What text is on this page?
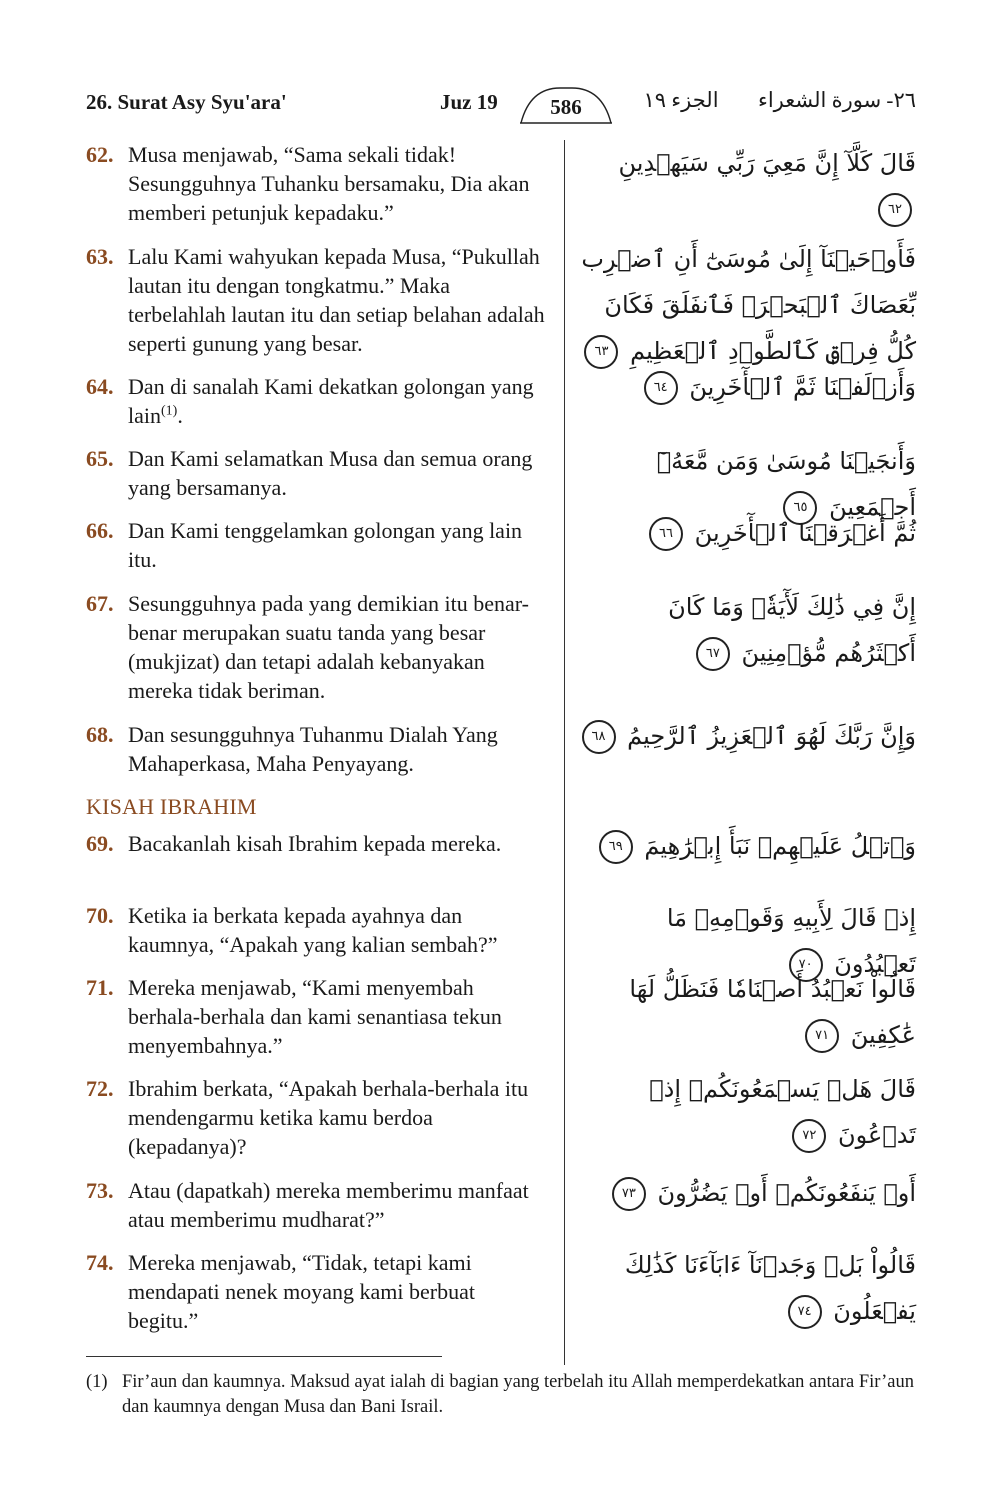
26. Surat Asy Syu'ara'	Juz 19	586	الجزء ١٩	٢٦- سورة الشعراء
62. Musa menjawab, “Sama sekali tidak! Sesungguhnya Tuhanku bersamaku, Dia akan memberi petunjuk kepadaku.”
63. Lalu Kami wahyukan kepada Musa, “Pukullah lautan itu dengan tongkatmu.” Maka terbelahlah lautan itu dan setiap belahan adalah seperti gunung yang besar.
64. Dan di sanalah Kami dekatkan golongan yang lain$^{(1)}$.
65. Dan Kami selamatkan Musa dan semua orang yang bersamanya.
66. Dan Kami tenggelamkan golongan yang lain itu.
67. Sesungguhnya pada yang demikian itu benar-benar merupakan suatu tanda yang besar (mukjizat) dan tetapi adalah kebanyakan mereka tidak beriman.
68. Dan sesungguhnya Tuhanmu Dialah Yang Mahaperkasa, Maha Penyayang.
KISAH IBRAHIM
69. Bacakanlah kisah Ibrahim kepada mereka.
70. Ketika ia berkata kepada ayahnya dan kaumnya, “Apakah yang kalian sembah?”
71. Mereka menjawab, “Kami menyembah berhala-berhala dan kami senantiasa tekun menyembahnya.”
72. Ibrahim berkata, “Apakah berhala-berhala itu mendengarmu ketika kamu berdoa (kepadanya)?
73. Atau (dapatkah) mereka memberimu manfaat atau memberimu mudharat?”
74. Mereka menjawab, “Tidak, tetapi kami mendapati nenek moyang kami berbuat begitu.”
قَالَ كَلَّآ إِنَّ مَعِيَ رَبِّي سَيَهۡدِينِ ٦٢
فَأَوۡحَيۡنَآ إِلَىٰ مُوسَىٰٓ أَنِ ٱضۡرِب بِّعَصَاكَ ٱلۡبَحۡرَۖ فَٱنفَلَقَ فَكَانَ كُلُّ فِرۡقٖ كَٱلطَّوۡدِ ٱلۡعَظِيمِ ٦٣
وَأَزۡلَفۡنَا ثَمَّ ٱلۡأٓخَرِينَ ٦٤
وَأَنجَيۡنَا مُوسَىٰ وَمَن مَّعَهُۥٓ أَجۡمَعِينَ ٦٥
ثُمَّ أَغۡرَقۡنَا ٱلۡأٓخَرِينَ ٦٦
إِنَّ فِي ذَٰلِكَ لَأٓيَةٗۖ وَمَا كَانَ أَكۡثَرُهُم مُّؤۡمِنِينَ ٦٧
وَإِنَّ رَبَّكَ لَهُوَ ٱلۡعَزِيزُ ٱلرَّحِيمُ ٦٨
وَٱتۡلُ عَلَيۡهِمۡ نَبَأَ إِبۡرَٰهِيمَ ٦٩
إِذۡ قَالَ لِأَبِيهِ وَقَوۡمِهِۦ مَا تَعۡبُدُونَ ٧٠
قَالُواْ نَعۡبُدُ أَصۡنَامٗا فَنَظَلُّ لَهَا عَٰكِفِينَ ٧١
قَالَ هَلۡ يَسۡمَعُونَكُمۡ إِذۡ تَدۡعُونَ ٧٢
أَوۡ يَنفَعُونَكُمۡ أَوۡ يَضُرُّونَ ٧٣
قَالُواْ بَلۡ وَجَدۡنَآ ءَابَآءَنَا كَذَٰلِكَ يَفۡعَلُونَ ٧٤
(1) Fir’aun dan kaumnya. Maksud ayat ialah di bagian yang terbelah itu Allah memperdekatkan antara Fir’aun dan kaumnya dengan Musa dan Bani Israil.
